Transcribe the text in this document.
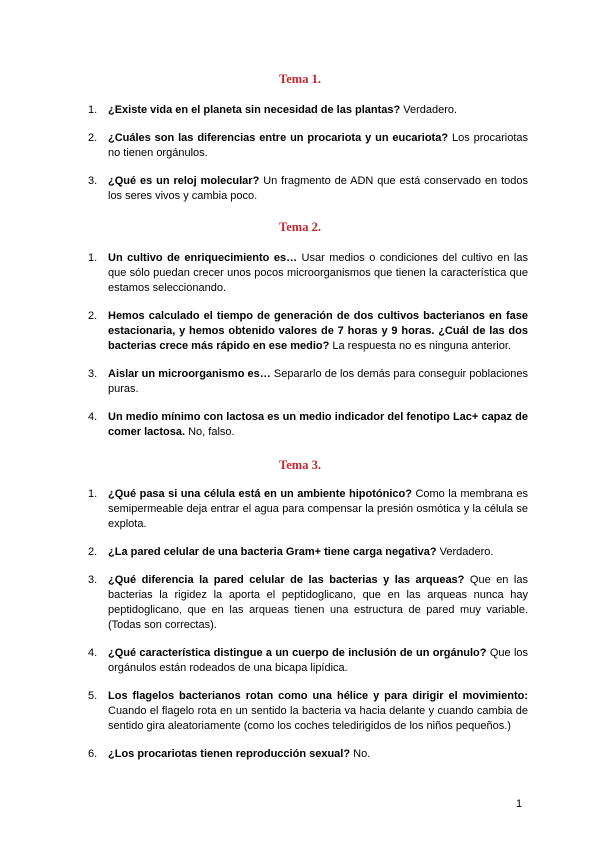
Tema 1.
1. ¿Existe vida en el planeta sin necesidad de las plantas? Verdadero.
2. ¿Cuáles son las diferencias entre un procariota y un eucariota? Los procariotas no tienen orgánulos.
3. ¿Qué es un reloj molecular? Un fragmento de ADN que está conservado en todos los seres vivos y cambia poco.
Tema 2.
1. Un cultivo de enriquecimiento es… Usar medios o condiciones del cultivo en las que sólo puedan crecer unos pocos microorganismos que tienen la característica que estamos seleccionando.
2. Hemos calculado el tiempo de generación de dos cultivos bacterianos en fase estacionaria, y hemos obtenido valores de 7 horas y 9 horas. ¿Cuál de las dos bacterias crece más rápido en ese medio? La respuesta no es ninguna anterior.
3. Aislar un microorganismo es… Separarlo de los demás para conseguir poblaciones puras.
4. Un medio mínimo con lactosa es un medio indicador del fenotipo Lac+ capaz de comer lactosa. No, falso.
Tema 3.
1. ¿Qué pasa si una célula está en un ambiente hipotónico? Como la membrana es semipermeable deja entrar el agua para compensar la presión osmótica y la célula se explota.
2. ¿La pared celular de una bacteria Gram+ tiene carga negativa? Verdadero.
3. ¿Qué diferencia la pared celular de las bacterias y las arqueas? Que en las bacterias la rigidez la aporta el peptidoglicano, que en las arqueas nunca hay peptidoglicano, que en las arqueas tienen una estructura de pared muy variable. (Todas son correctas).
4. ¿Qué característica distingue a un cuerpo de inclusión de un orgánulo? Que los orgánulos están rodeados de una bicapa lipídica.
5. Los flagelos bacterianos rotan como una hélice y para dirigir el movimiento: Cuando el flagelo rota en un sentido la bacteria va hacia delante y cuando cambia de sentido gira aleatoriamente (como los coches teledirigidos de los niños pequeños.)
6. ¿Los procariotas tienen reproducción sexual? No.
1
